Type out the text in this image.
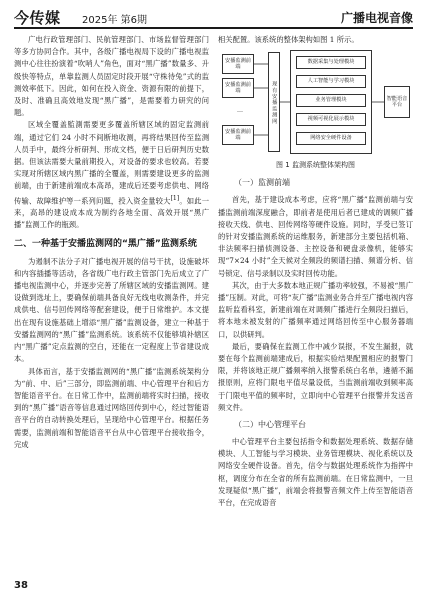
今传媒 2025年 第6期	广播电视音像

广电行政管理部门、民航管理部门、市场监督管理部门等多方协同合作。其中，各级广播电视局下设的广播电视监测中心往往扮演着“吹哨人”角色，面对“黑广播”数量多、升级快等特点，单靠监测人员固定时段开展“守株待兔”式的监测效率低下。因此，如何在投入资金、资源有限的前提下，及时、准确且高效地发现“黑广播”，是需要着力研究的问题。

区域全覆盖監測需要更多覆盖所辖区域的固定监测前端，通过它们 24 小时不间断地收测，再将结果回传至监测人员手中，最终分析研判、形成文档，便于日后研判历史数据。但该法需要大量前期投入，对设备的要求也较高。若要实现对所辖区域内黑广播的全覆盖，则需要建设更多的监测前端，由于新建前端成本高昂，建成后还要考虑供电、网络传输、故障维护等一系列问题，投入资金量较大[1]。如此一来，高昂的建设成本成为制约各地全面、高效开展“黑广播”监测工作的瓶颈。

二、一种基于安播监测网的“黑广播”监测系统

为遏制不法分子对广播电视开展的信号干扰，设施破坏和内容插播等活动，各省级广电行政主管部门先后成立了广播电视监测中心，并逐步完善了所辖区域的安播监测网。建设做到选址上，要确保前端具备良好无线电收测条件，并完成供电、信号回传网络等配套建设，便于日常维护。本文提出在现有设施基础上增添“黑广播”监测设备，建立一种基于安播监测网的“黑广播”监测系统。该系统不仅能够填补辖区内“黑广播”定点监测的空白，还能在一定程度上节省建设成本。

具体而言，基于安播监测网的“黑广播”监测系统架构分为“前、中、后”三部分，即监测前端、中心管理平台和后方智能语音平台。在日常工作中，监测前端将实时扫描，接收到的“黑广播”语音等信息通过网络回传到中心，经过智能语音平台的自动转换处理后，呈现给中心管理平台。根据任务需要，监测前端和智能语音平台从中心管理平台接收指令，完成

相关配置。该系统的整体架构如图 1 所示。

…
安播监测前端
安播监测前端
安播监测前端
现有安播监测网
数据采集与处理模块
人工智能与学习模块
业务管理模块
视频可视化展示模块
网络安全硬件设备
智能语音平台
图 1 监测系统整体架构图
（一）监测前端

首先，基于建设成本考虑，应将“黑广播”监测前端与安播监测前端深度融合，即前者是使用后者已建成的调频广播接收天线、供电、回传网络等硬件设施。同时，孚受已签订的针对安播监测系统的运维服务，新建部分主要包括机箱、非法频率扫描侦测设备、主控设备和硬盘录像机，能够实现“7×24 小时”全天候对全频段的频谱扫描、频谱分析、信号锁定、信号录制以及实时回传功能。

其次，由于大多数本地正规广播功率较强，不易被“黑广播”压制。对此，可将“灰广播”监测业务合并至广播电视内容监听监看科室，新建前端在对调频广播进行全频段扫描后，将本地未被发射的广播频率通过网络回传至中心服务器端口，以供研判。

最后，要确保在监测工作中减少误报，不发生漏报，就要在每个监测前端建成后，根据实验结果配置相应的报警门限，并将该地正规广播频率纳入报警系统白名单，遴循不漏报原则，应将门限电平值尽量设低，当监测前端收到频率高于门限电平值的频率时，立即向中心管理平台报警并发送音频文件。

（二）中心管理平台

中心管理平台主要包括指令和数据处理系统、数据存储模块、人工智能与学习模块、业务管理模块、视化系统以及网络安全硬件设备。首先，信令与数据处理系统作为指挥中枢，调度分布在全省的所有监测前端。在日常监测中，一旦发现疑似“黑广播”，前端会将报警音频文件上传至智能语音平台，在完成语音

38
